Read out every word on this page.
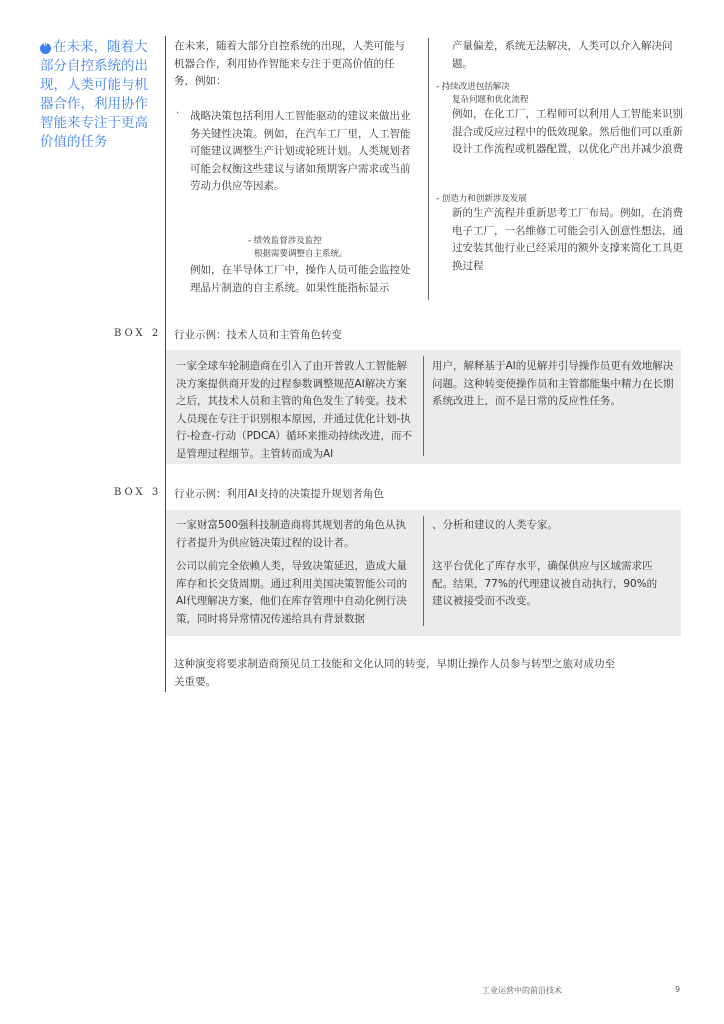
“ 在未来，随着大部分自控系统的出现，人类可能与机器合作，利用协作智能来专注于更高价值的任务
在未来，随着大部分自控系统的出现，人类可能与机器合作，利用协作智能来专注于更高价值的任务，例如：
· 战略决策包括利用人工智能驱动的建议来做出业务关键性决策。例如，在汽车工厂里，人工智能可能建议调整生产计划或轮班计划。人类规划者可能会权衡这些建议与诸如预期客户需求或当前劳动力供应等因素。
- 绩效监督涉及监控
根据需要调整自主系统。
例如，在半导体工厂中，操作人员可能会监控处理晶片制造的自主系统。如果性能指标显示
产量偏差，系统无法解决，人类可以介入解决问题。
- 持续改进包括解决
复杂问题和优化流程
例如，在化工厂，工程师可以利用人工智能来识别混合或反应过程中的低效现象。然后他们可以重新设计工作流程或机器配置，以优化产出并减少浪费
- 创造力和创新涉及发展
新的生产流程并重新思考工厂布局。例如，在消费电子工厂，一名维修工可能会引入创意性想法，通过安装其他行业已经采用的额外支撑来简化工具更换过程
BOX 2 行业示例：技术人员和主管角色转变
一家全球车轮制造商在引入了由开普敦人工智能解决方案提供商开发的过程参数调整规范AI解决方案之后，其技术人员和主管的角色发生了转变。技术人员现在专注于识别根本原因，并通过优化计划-执行-检查-行动（PDCA）循环来推动持续改进，而不是管理过程细节。主管转而成为AI
用户，解释基于AI的见解并引导操作员更有效地解决问题。这种转变使操作员和主管都能集中精力在长期系统改进上，而不是日常的反应性任务。
BOX 3 行业示例：利用AI支持的决策提升规划者角色
一家财富500强科技制造商将其规划者的角色从执行者提升为供应链决策过程的设计者。
公司以前完全依赖人类，导致决策延迟，造成大量库存和长交货周期。通过利用美国决策智能公司的AI代理解决方案，他们在库存管理中自动化例行决策，同时将异常情况传递给具有背景数据
、分析和建议的人类专家。
这平台优化了库存水平，确保供应与区域需求匹配。结果，77%的代理建议被自动执行，90%的建议被接受而不改变。
这种演变将要求制造商预见员工技能和文化认同的转变，早期让操作人员参与转型之旅对成功至关重要。
工业运营中的前沿技术	9
